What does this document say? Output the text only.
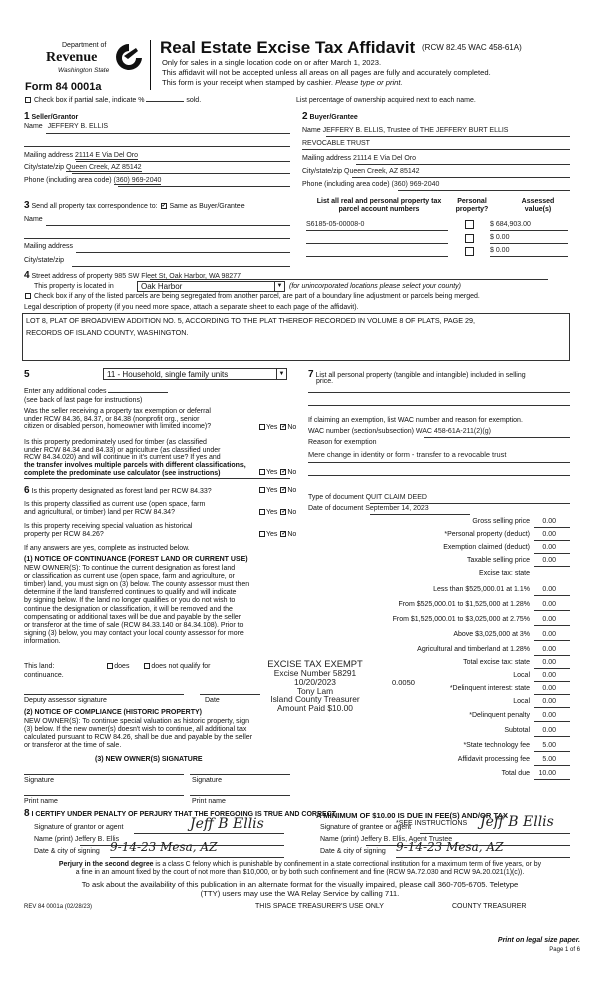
Department of
Revenue
Washington State
Form 84 0001a
Real Estate Excise Tax Affidavit (RCW 82.45 WAC 458-61A)
Only for sales in a single location code on or after March 1, 2023.
This affidavit will not be accepted unless all areas on all pages are fully and accurately completed.
This form is your receipt when stamped by cashier. Please type or print.
Check box if partial sale, indicate %	sold.	List percentage of ownership acquired next to each name.
1 Seller/Grantor
Name JEFFERY B. ELLIS
Mailing address 21114 E Via Del Oro
City/state/zip Queen Creek, AZ 85142
Phone (including area code) (360) 969-2040
2 Buyer/Grantee
Name JEFFERY B. ELLIS, Trustee of THE JEFFERY BURT ELLIS
REVOCABLE TRUST
Mailing address 21114 E Via Del Oro
City/state/zip Queen Creek, AZ 85142
Phone (including area code) (360) 969-2040
3 Send all property tax correspondence to: ✓ Same as Buyer/Grantee
Name
Mailing address
City/state/zip
List all real and personal property tax
parcel account numbers
Personal
property?
Assessed
value(s)
S6185-05-00008-0	$ 684,903.00
$ 0.00
$ 0.00
4 Street address of property 985 SW Fleet St, Oak Harbor, WA 98277
This property is located in	Oak Harbor	▼ (for unincorporated locations please select your county)
Check box if any of the listed parcels are being segregated from another parcel, are part of a boundary line adjustment or parcels being merged.
Legal description of property (if you need more space, attach a separate sheet to each page of the affidavit).
LOT 8, PLAT OF BROADVIEW ADDITION NO. 5, ACCORDING TO THE PLAT THEREOF RECORDED IN VOLUME 8 OF PLATS, PAGE 29,
RECORDS OF ISLAND COUNTY, WASHINGTON.
5	11 - Household, single family units	▼
Enter any additional codes
(see back of last page for instructions)
Was the seller receiving a property tax exemption or deferral
under RCW 84.36, 84.37, or 84.38 (nonprofit org., senior
citizen or disabled person, homeowner with limited income)?	Yes ✓No
Is this property predominately used for timber (as classified
under RCW 84.34 and 84.33) or agriculture (as classified under
RCW 84.34.020) and will continue in it's current use? If yes and
the transfer involves multiple parcels with different classifications,
complete the predominate use calculator (see instructions)	Yes ✓No
6 Is this property designated as forest land per RCW 84.33?	Yes ✓No
Is this property classified as current use (open space, farm
and agricultural, or timber) land per RCW 84.34?	Yes ✓No
Is this property receiving special valuation as historical
property per RCW 84.26?	Yes ✓No
If any answers are yes, complete as instructed below.
(1) NOTICE OF CONTINUANCE (FOREST LAND OR CURRENT USE)
NEW OWNER(S): To continue the current designation as forest land
or classification as current use (open space, farm and agriculture, or
timber) land, you must sign on (3) below. The county assessor must then
determine if the land transferred continues to qualify and will indicate
by signing below. If the land no longer qualifies or you do not wish to
continue the designation or classification, it will be removed and the
compensating or additional taxes will be due and payable by the seller
or transferor at the time of sale (RCW 84.33.140 or 84.34.108). Prior to
signing (3) below, you may contact your local county assessor for more
information.
This land:	does	does not qualify for
continuance.
Deputy assessor signature	Date
(2) NOTICE OF COMPLIANCE (HISTORIC PROPERTY)
NEW OWNER(S): To continue special valuation as historic property, sign
(3) below. If the new owner(s) doesn't wish to continue, all additional tax
calculated pursuant to RCW 84.26, shall be due and payable by the seller
or transferor at the time of sale.
(3) NEW OWNER(S) SIGNATURE
Signature	Signature
Print name	Print name
7 List all personal property (tangible and intangible) included in selling
price.
If claiming an exemption, list WAC number and reason for exemption.
WAC number (section/subsection) WAC 458-61A-211(2)(g)
Reason for exemption
Mere change in identity or form - transfer to a revocable trust
Type of document QUIT CLAIM DEED
Date of document September 14, 2023
Gross selling price 0.00
*Personal property (deduct) 0.00
Exemption claimed (deduct) 0.00
Taxable selling price 0.00
Excise tax: state
Less than $525,000.01 at 1.1% 0.00
From $525,000.01 to $1,525,000 at 1.28% 0.00
From $1,525,000.01 to $3,025,000 at 2.75% 0.00
Above $3,025,000 at 3% 0.00
Agricultural and timberland at 1.28% 0.00
Total excise tax: state 0.00
Local 0.00
*Delinquent interest: state 0.00
Local 0.00
*Delinquent penalty 0.00
Subtotal 0.00
*State technology fee 5.00
Affidavit processing fee 5.00
Total due 10.00
0.0050
EXCISE TAX EXEMPT
Excise Number 58291
10/20/2023
Tony Lam
Island County Treasurer
Amount Paid $10.00
A MINIMUM OF $10.00 IS DUE IN FEE(S) AND/OR TAX
*SEE INSTRUCTIONS
8 I CERTIFY UNDER PENALTY OF PERJURY THAT THE FOREGOING IS TRUE AND CORRECT
Signature of grantor or agent	Jeff B Ellis
Name (print) Jeffery B. Ellis
Date & city of signing 9-14-23 Mesa, AZ
Signature of grantee or agent	Jeff B Ellis
Name (print) Jeffery B. Ellis, Agent Trustee
Date & city of signing 9-14-23 Mesa, AZ
Perjury in the second degree is a class C felony which is punishable by confinement in a state correctional institution for a maximum term of five years, or by
a fine in an amount fixed by the court of not more than $10,000, or by both such confinement and fine (RCW 9A.72.030 and RCW 9A.20.021(1)(c)).
To ask about the availability of this publication in an alternate format for the visually impaired, please call 360-705-6705. Teletype
(TTY) users may use the WA Relay Service by calling 711.
REV 84 0001a (02/28/23)	THIS SPACE TREASURER'S USE ONLY	COUNTY TREASURER
Print on legal size paper.
Page 1 of 6
